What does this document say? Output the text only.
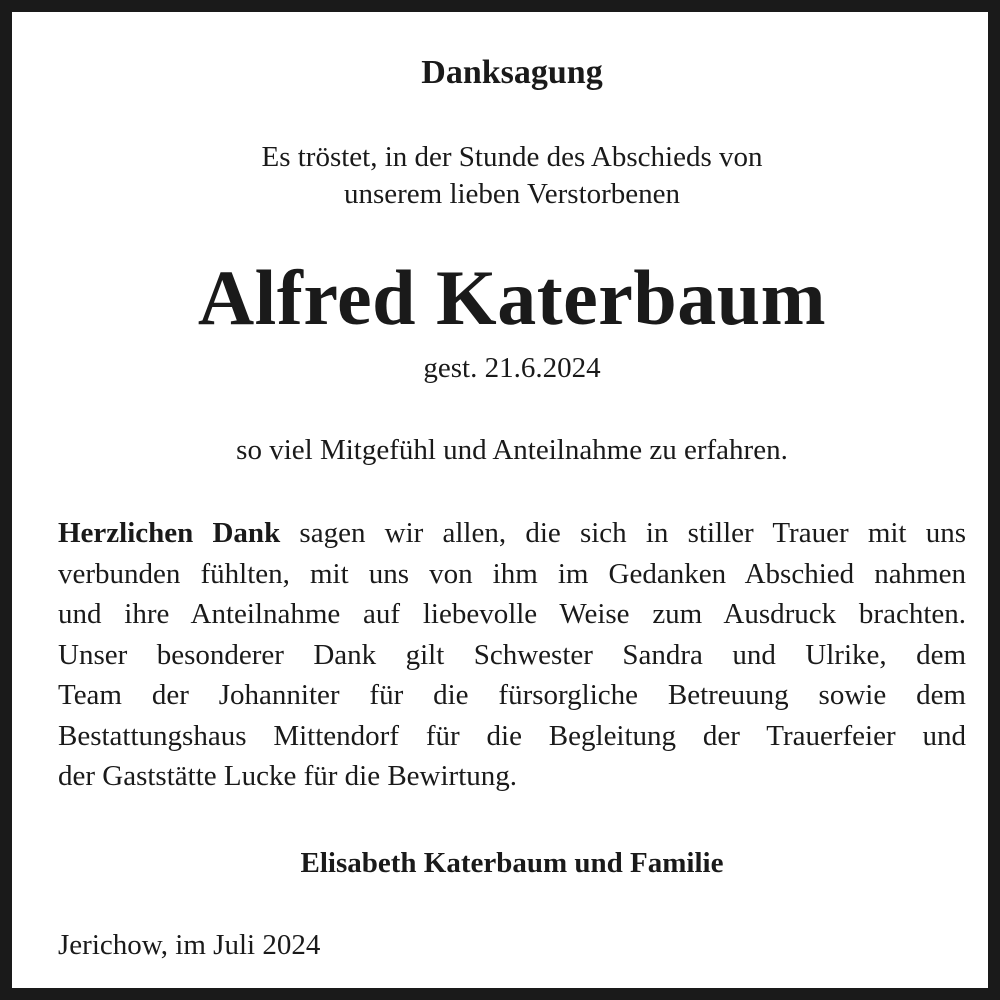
Danksagung
Es tröstet, in der Stunde des Abschieds von
unserem lieben Verstorbenen
Alfred Katerbaum
gest. 21.6.2024
so viel Mitgefühl und Anteilnahme zu erfahren.
Herzlichen Dank sagen wir allen, die sich in stiller Trauer mit uns
verbunden fühlten, mit uns von ihm im Gedanken Abschied nahmen
und ihre Anteilnahme auf liebevolle Weise zum Ausdruck brachten.
Unser besonderer Dank gilt Schwester Sandra und Ulrike, dem
Team der Johanniter für die fürsorgliche Betreuung sowie dem
Bestattungshaus Mittendorf für die Begleitung der Trauerfeier und
der Gaststätte Lucke für die Bewirtung.
Elisabeth Katerbaum und Familie
Jerichow, im Juli 2024
